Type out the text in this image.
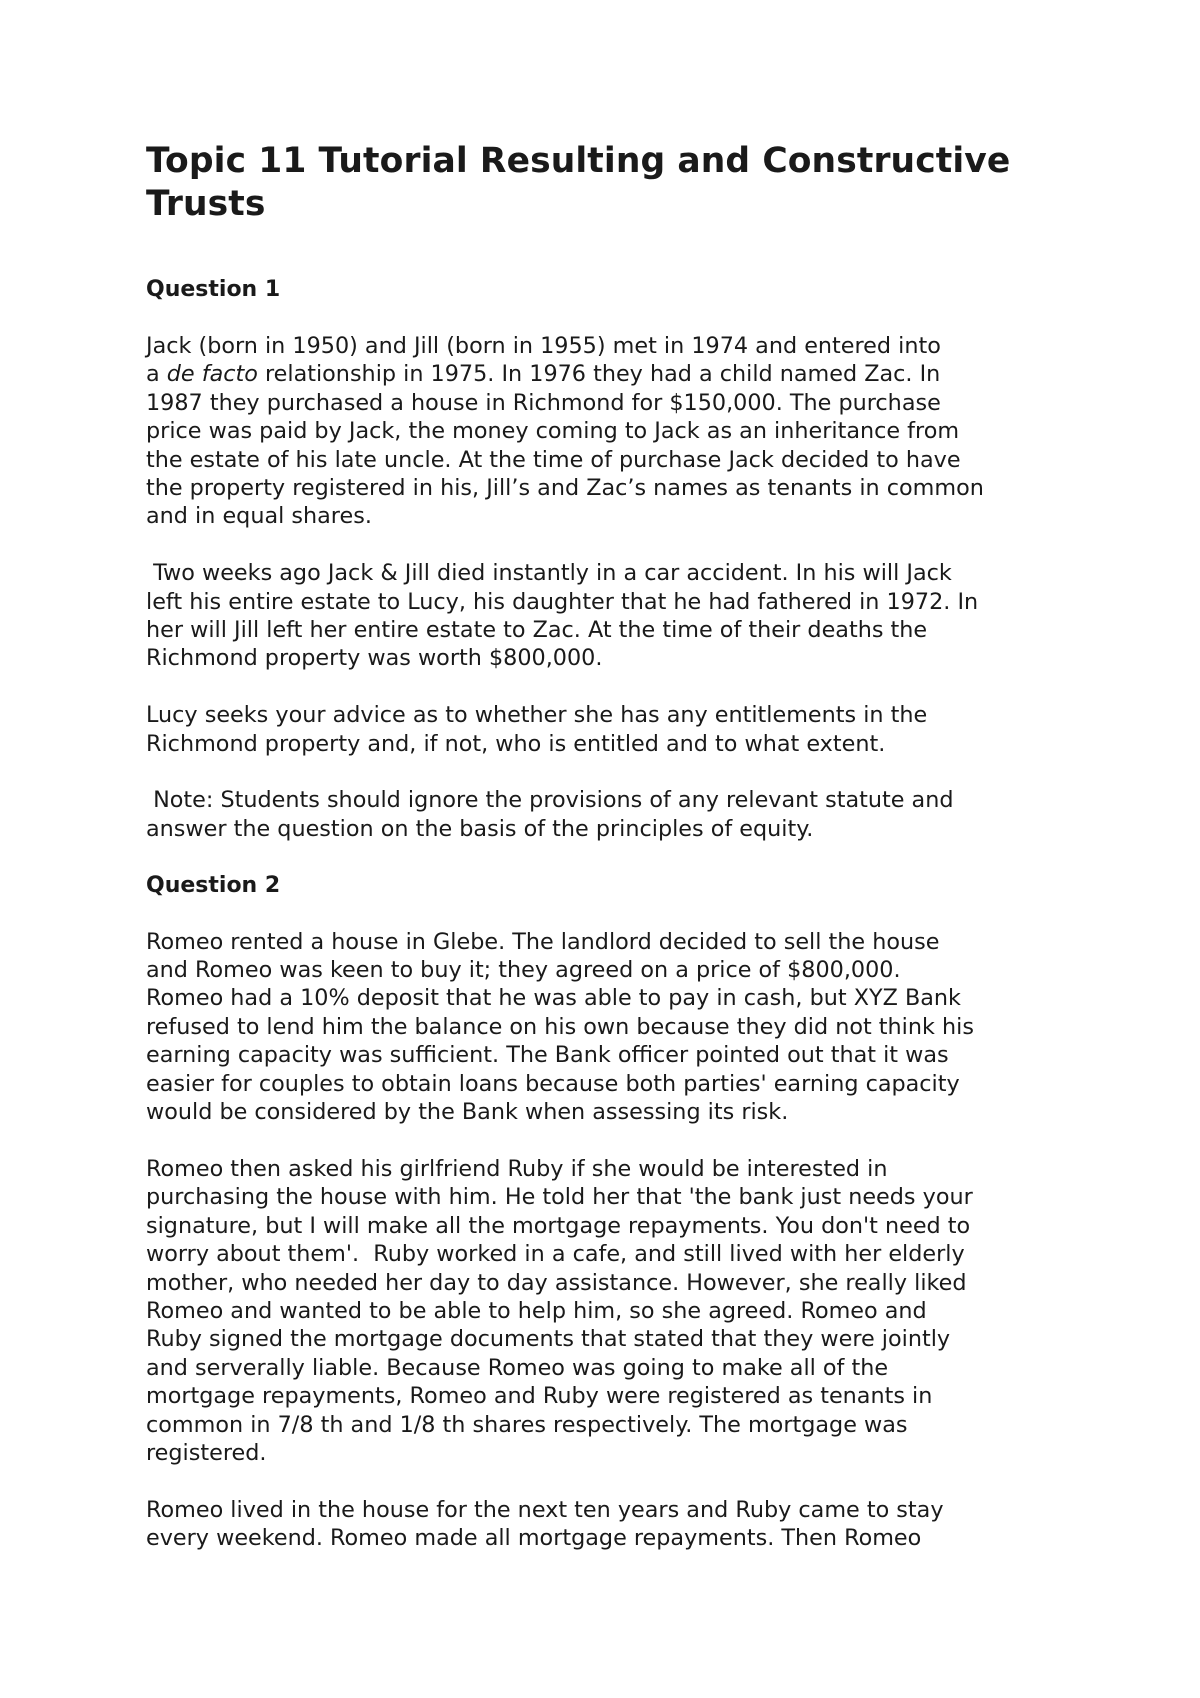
Topic 11 Tutorial Resulting and Constructive
Trusts
Question 1

Jack (born in 1950) and Jill (born in 1955) met in 1974 and entered into
a de facto relationship in 1975. In 1976 they had a child named Zac. In
1987 they purchased a house in Richmond for $150,000. The purchase
price was paid by Jack, the money coming to Jack as an inheritance from
the estate of his late uncle. At the time of purchase Jack decided to have
the property registered in his, Jill’s and Zac’s names as tenants in common
and in equal shares.

Two weeks ago Jack & Jill died instantly in a car accident. In his will Jack
left his entire estate to Lucy, his daughter that he had fathered in 1972. In
her will Jill left her entire estate to Zac. At the time of their deaths the
Richmond property was worth $800,000.

Lucy seeks your advice as to whether she has any entitlements in the
Richmond property and, if not, who is entitled and to what extent.

Note: Students should ignore the provisions of any relevant statute and
answer the question on the basis of the principles of equity.

Question 2

Romeo rented a house in Glebe. The landlord decided to sell the house
and Romeo was keen to buy it; they agreed on a price of $800,000.
Romeo had a 10% deposit that he was able to pay in cash, but XYZ Bank
refused to lend him the balance on his own because they did not think his
earning capacity was sufficient. The Bank officer pointed out that it was
easier for couples to obtain loans because both parties' earning capacity
would be considered by the Bank when assessing its risk.

Romeo then asked his girlfriend Ruby if she would be interested in
purchasing the house with him. He told her that 'the bank just needs your
signature, but I will make all the mortgage repayments. You don't need to
worry about them'.  Ruby worked in a cafe, and still lived with her elderly
mother, who needed her day to day assistance. However, she really liked
Romeo and wanted to be able to help him, so she agreed. Romeo and
Ruby signed the mortgage documents that stated that they were jointly
and serverally liable. Because Romeo was going to make all of the
mortgage repayments, Romeo and Ruby were registered as tenants in
common in 7/8 th and 1/8 th shares respectively. The mortgage was
registered.

Romeo lived in the house for the next ten years and Ruby came to stay
every weekend. Romeo made all mortgage repayments. Then Romeo
